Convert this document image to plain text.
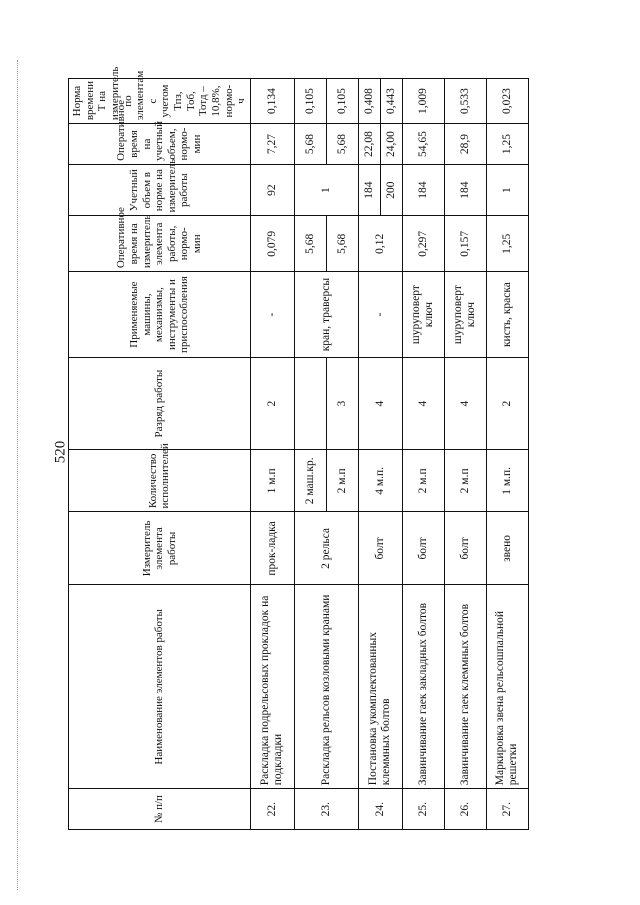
520
№ п/п	Наименование элементов работы	Измеритель элемента работы	Количество исполнителей	Разряд работы	Применяемые машины, механизмы, инструменты и приспособления	Оперативное время на измеритель элемента работы, нормо-мин	Учетный объем в норме на измеритель работы	Оперативное время на учетный объем, нормо-мин	Норма времени Т на измеритель по элементам с учетом Тпз, Тоб, Тотд – 10,8%, нормо-ч
22.	Раскладка подрельсовых прокладок на подкладки	прок-ладка	1 м.п	2	-	0,079	92	7,27	0,134
23.	Раскладка рельсов козловыми кранами	2 рельса	2 маш.кр.		кран, траверсы	5,68	1	5,68	0,105
			2 м.п	3		5,68		5,68	0,105
24.	Постановка укомплектованных клеммных болтов	болт	4 м.п.	4	-	0,12	184	22,08	0,408
							200	24,00	0,443
25.	Завинчивание гаек закладных болтов	болт	2 м.п	4	шуруповерт ключ	0,297	184	54,65	1,009
26.	Завинчивание гаек клеммных болтов	болт	2 м.п	4	шуруповерт ключ	0,157	184	28,9	0,533
27.	Маркировка звена рельсошпальной решетки	звено	1 м.п.	2	кисть, краска	1,25	1	1,25	0,023
